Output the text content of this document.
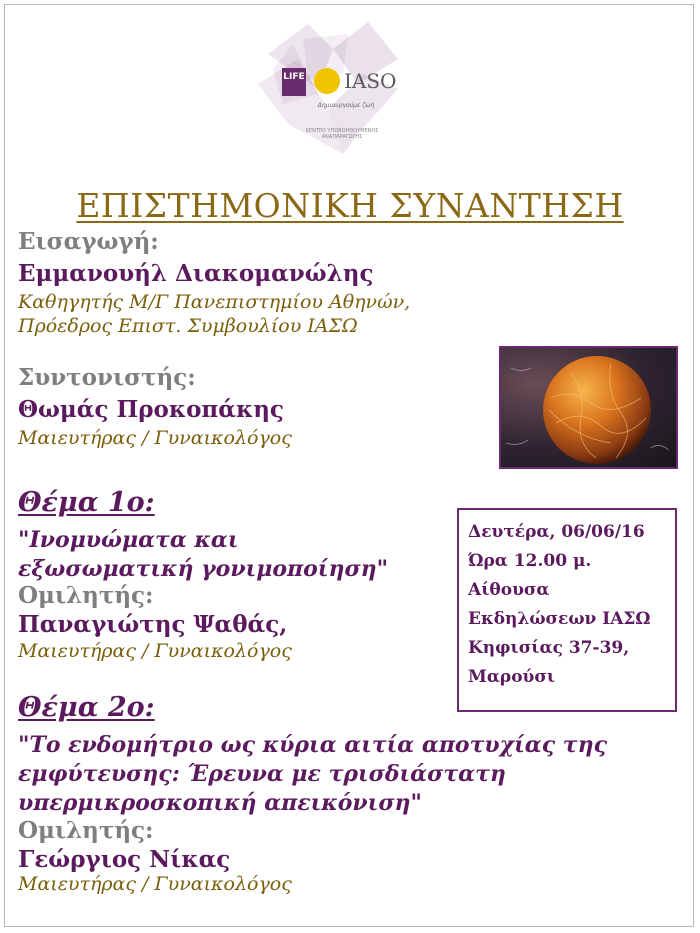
LIFE IASO
Δημιουργούμε ζωή
ΚΕΝΤΡΟ ΥΠΟΒΟΗΘΟΥΜΕΝΗΣ ΑΝΑΠΑΡΑΓΩΓΗΣ
ΕΠΙΣΤΗΜΟΝΙΚΗ ΣΥΝΑΝΤΗΣΗ
Εισαγωγή:
Εμμανουήλ Διακομανώλης
Καθηγητής Μ/Γ Πανεπιστημίου Αθηνών,
Πρόεδρος Επιστ. Συμβουλίου ΙΑΣΩ
Συντονιστής:
Θωμάς Προκοπάκης
Μαιευτήρας / Γυναικολόγος
Θέμα 1ο:
"Ινομυώματα και
εξωσωματική γονιμοποίηση"
Ομιλητής:
Παναγιώτης Ψαθάς,
Μαιευτήρας / Γυναικολόγος
Δευτέρα, 06/06/16
Ώρα 12.00 μ.
Αίθουσα
Εκδηλώσεων ΙΑΣΩ
Κηφισίας 37-39,
Μαρούσι
Θέμα 2ο:
"Το ενδομήτριο ως κύρια αιτία αποτυχίας της
εμφύτευσης: Έρευνα με τρισδιάστατη
υπερμικροσκοπική απεικόνιση"
Ομιλητής:
Γεώργιος Νίκας
Μαιευτήρας / Γυναικολόγος
